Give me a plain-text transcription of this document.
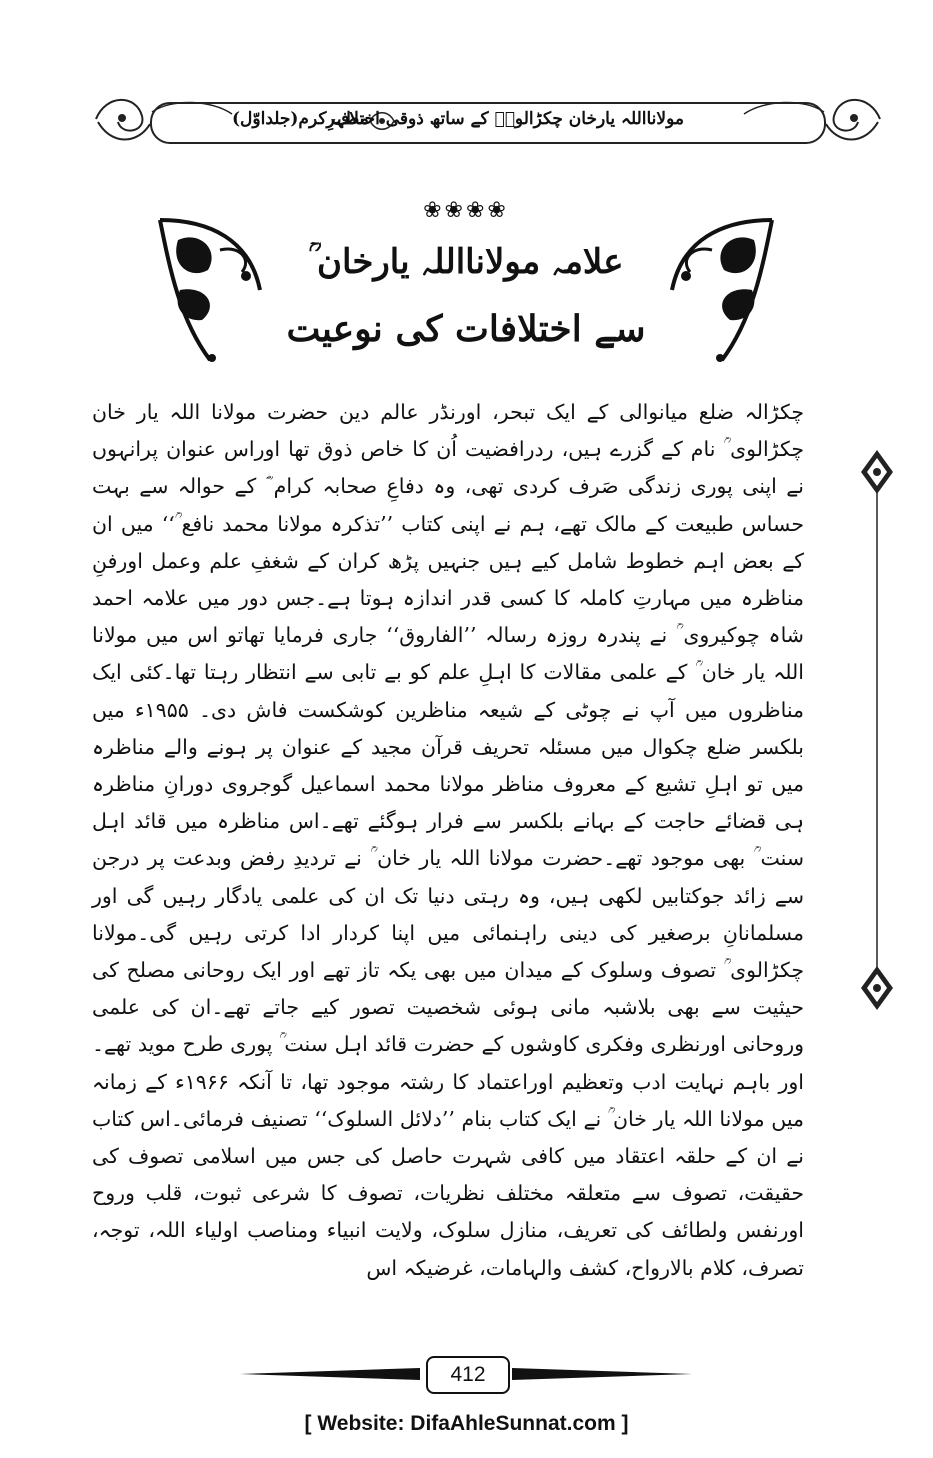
مظہرِکرم(جلداوّل)
مولانااللہ یارخان چکڑالویؒ کے ساتھ ذوقی اختلاف
❀❀❀❀
علامہ مولانااللہ یارخان ؒ
سے اختلافات کی نوعیت

چکڑالہ ضلع میانوالی کے ایک تبحر، اورنڈر عالم دین حضرت مولانا اللہ یار خان چکڑالوی ؒ نام کے گزرے ہیں، ردرافضیت اُن کا خاص ذوق تھا اوراس عنوان پرانہوں نے اپنی پوری زندگی صَرف کردی تھی، وہ دفاعِ صحابہ کرام ؓ کے حوالہ سے بہت حساس طبیعت کے مالک تھے، ہم نے اپنی کتاب ’’تذکرہ مولانا محمد نافع ؒ‘‘ میں ان کے بعض اہم خطوط شامل کیے ہیں جنہیں پڑھ کران کے شغفِ علم وعمل اورفنِ مناظرہ میں مہارتِ کاملہ کا کسی قدر اندازہ ہوتا ہے۔جس دور میں علامہ احمد شاہ چوکیروی ؒ نے پندرہ روزہ رسالہ ’’الفاروق‘‘ جاری فرمایا تھاتو اس میں مولانا اللہ یار خان ؒ کے علمی مقالات کا اہلِ علم کو بے تابی سے انتظار رہتا تھا۔کئی ایک مناظروں میں آپ نے چوٹی کے شیعہ مناظرین کوشکست فاش دی۔ ۱۹۵۵ء میں بلکسر ضلع چکوال میں مسئلہ تحریف قرآن مجید کے عنوان پر ہونے والے مناظرہ میں تو اہلِ تشیع کے معروف مناظر مولانا محمد اسماعیل گوجروی دورانِ مناظرہ ہی قضائے حاجت کے بہانے بلکسر سے فرار ہوگئے تھے۔اس مناظرہ میں قائد اہل سنت ؒ بھی موجود تھے۔حضرت مولانا اللہ یار خان ؒ نے تردیدِ رفض وبدعت پر درجن سے زائد جوکتابیں لکھی ہیں، وہ رہتی دنیا تک ان کی علمی یادگار رہیں گی اور مسلمانانِ برصغیر کی دینی راہنمائی میں اپنا کردار ادا کرتی رہیں گی۔مولانا چکڑالوی ؒ تصوف وسلوک کے میدان میں بھی یکہ تاز تھے اور ایک روحانی مصلح کی حیثیت سے بھی بلاشبہ مانی ہوئی شخصیت تصور کیے جاتے تھے۔ان کی علمی وروحانی اورنظری وفکری کاوشوں کے حضرت قائد اہل سنت ؒ پوری طرح موید تھے۔اور باہم نہایت ادب وتعظیم اوراعتماد کا رشتہ موجود تھا، تا آنکہ ۱۹۶۶ء کے زمانہ میں مولانا اللہ یار خان ؒ نے ایک کتاب بنام ’’دلائل السلوک‘‘ تصنیف فرمائی۔اس کتاب نے ان کے حلقہ اعتقاد میں کافی شہرت حاصل کی جس میں اسلامی تصوف کی حقیقت، تصوف سے متعلقہ مختلف نظریات، تصوف کا شرعی ثبوت، قلب وروح اورنفس ولطائف کی تعریف، منازل سلوک، ولایت انبیاء ومناصب اولیاء اللہ، توجہ، تصرف، کلام بالارواح، کشف والہامات، غرضیکہ اس

412
[ Website: DifaAhleSunnat.com ]
